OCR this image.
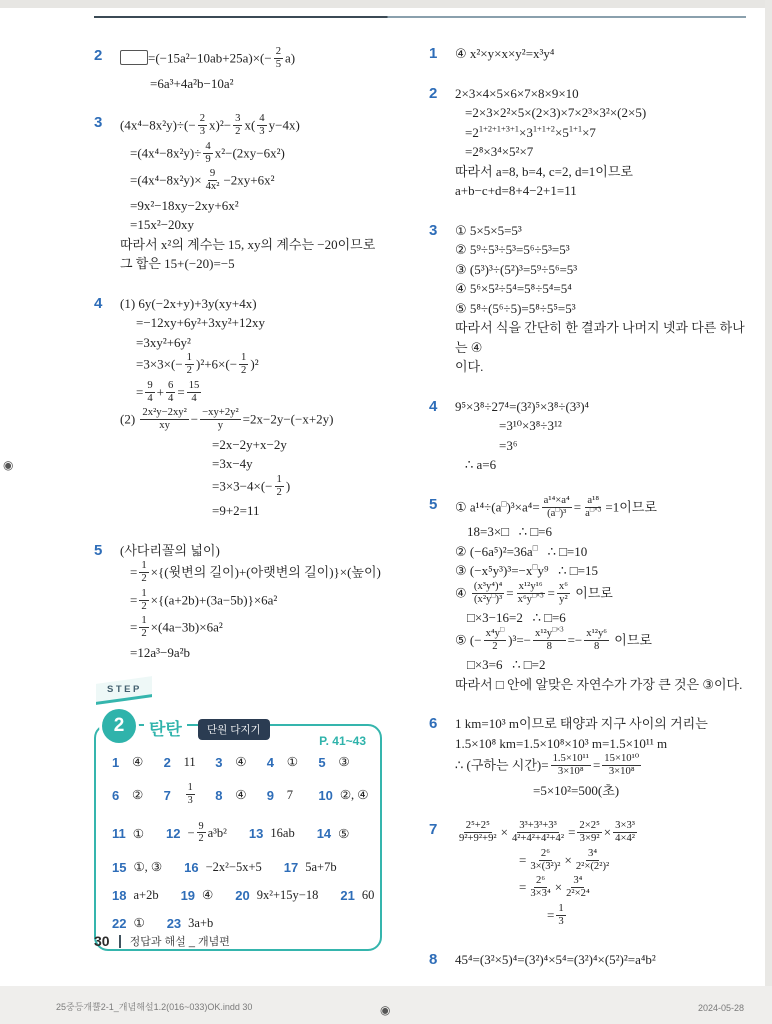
◉
2	$=(-15a^2-10ab+25a)\times(- \frac{2}{5} a)$
=6a³+4a²b−10a²
3	$(4x^4-8x^2y)\div(- \frac{2}{3} x)^2- \frac{3}{2} x( \frac{4}{3} y-4x)$
$=(4x^4-8x^2y)\div \frac{4}{9} x^2-(2xy-6x^2)$
$=(4x^4-8x^2y)\times \frac{9}{\text{4x²}} -2xy+6x^2$
=9x²−18xy−2xy+6x²
=15x²−20xy
따라서 x²의 계수는 15, xy의 계수는 −20이므로
그 합은 15+(−20)=−5
4	(1) 6y(−2x+y)+3y(xy+4x)
=−12xy+6y²+3xy²+12xy
=3xy²+6y²
$=3\times 3\times(- \frac{1}{2} )^2+6\times(- \frac{1}{2} )^2$
= $\frac{9}{4} + \frac{6}{4} = \frac{15}{4}$
$(2) \frac{\text{2x²y−2xy²}}{xy} - \frac{\text{−xy+2y²}}{y} =2x-2y-(-x+2y)$
=2x−2y+x−2y
=3x−4y
$=3\times 3-4\times(- \frac{1}{2}$ )
=9+2=11
5	(사다리꼴의 넓이)
= $\frac{1}{2}$ ×{(윗변의 길이)+(아랫변의 길이)}×(높이)
= $\frac{1}{2} \times\{(a+2b)+(3a-5b)\}\times 6a^2$
= $\frac{1}{2} \times(4a-3b)\times 6a^2$
=12a³−9a²b
STEP
2 탄탄	단원 다지기
P. 41~43
1	④ 2	11 3	④ 4	① 5	③
6	② 7	$\frac{1}{3} 8$	④ 9	7 10 ②, ④
11 ① $12 - \frac{9}{2} a^3b^2$ 13 16ab 14 ⑤
15 ①, ③ 16 −2x²−5x+5 17 5a+7b
18 a+2b 19 ④ 20 9x²+15y−18 21 60
22 ① 23 3a+b
1	④ x²×y×x×y²=x³y⁴
2	2×3×4×5×6×7×8×9×10
=2×3×2²×5×(2×3)×7×2³×3²×(2×5)
$=2^{1+2+1+3+1}\times 3^{1+1+2}\times 5^{1+1}\times 7$
=2⁸×3⁴×5²×7
따라서 a=8, b=4, c=2, d=1이므로
a+b−c+d=8+4−2+1=11
3	① 5×5×5=5³
② 5⁹÷5³÷5³=5⁶÷5³=5³
③ (5³)³÷(5²)³=5⁹÷5⁶=5³
④ 5⁶×5²÷5⁴=5⁸÷5⁴=5⁴
⑤ 5⁸÷(5⁶÷5)=5⁸÷5⁵=5³
따라서 식을 간단히 한 결과가 나머지 넷과 다른 하나는 ④
이다.
4	9⁵×3⁸÷27⁴=(3²)⁵×3⁸÷(3³)⁴
=3¹⁰×3⁸÷3¹²
=3⁶
∴ a=6
5	① $a^{14}\div(a^□)^3\times a^4= \frac{\text{a¹⁴×a⁴}}{(a^□)^3} = \frac{\text{a¹⁸}}{a^{□\times 3}} =1$이므로
18=3×□   ∴ □=6
② (−6a⁵)²=36a□   ∴ □=10
③ (−x⁵y³)³=−x□y⁹   ∴ □=15
④ $\frac{\text{(x³y⁴)⁴}}{(x^2y^□)^3} = \frac{\text{x¹²y¹⁶}}{x^6y^{□\times 3}} = \frac{\text{x⁶}}{\text{y²}}$ 이므로
□×3−16=2   ∴ □=6
⑤ (− $\frac{x^4y^□}{2} )^3=- \frac{x^{12}y^{□\times 3}}{8} =- \frac{\text{x¹²y⁶}}{8}$ 이므로
□×3=6   ∴ □=2
따라서 □ 안에 알맞은 자연수가 가장 큰 것은 ③이다.
6	1 km=10³ m이므로 태양과 지구 사이의 거리는
1.5×10⁸ km=1.5×10⁸×10³ m=1.5×10¹¹ m
∴ (구하는 시간)= $\frac{\text{1.5×10¹¹}}{\text{3×10⁸}} = \frac{\text{15×10¹⁰}}{\text{3×10⁸}}$
=5×10²=500(초)
7	$\frac{\text{2⁵+2⁵}}{\text{9²+9²+9²}} \times \frac{\text{3³+3³+3³}}{\text{4²+4²+4²+4²}} = \frac{\text{2×2⁵}}{\text{3×9²}} \times \frac{\text{3×3³}}{\text{4×4²}}$
= $\frac{\text{2⁶}}{\text{3×(3²)²}} \times \frac{\text{3⁴}}{\text{2²×(2²)²}}$
= $\frac{\text{2⁶}}{\text{3×3⁴}} \times \frac{\text{3⁴}}{\text{2²×2⁴}}$
= $\frac{1}{3}$
8	45⁴=(3²×5)⁴=(3²)⁴×5⁴=(3²)⁴×(5²)²=a⁴b²
30 정답과 해설 _ 개념편
25중등개뿔2-1_개념해설1.2(016~033)OK.indd 30	◉	2024-05-28
